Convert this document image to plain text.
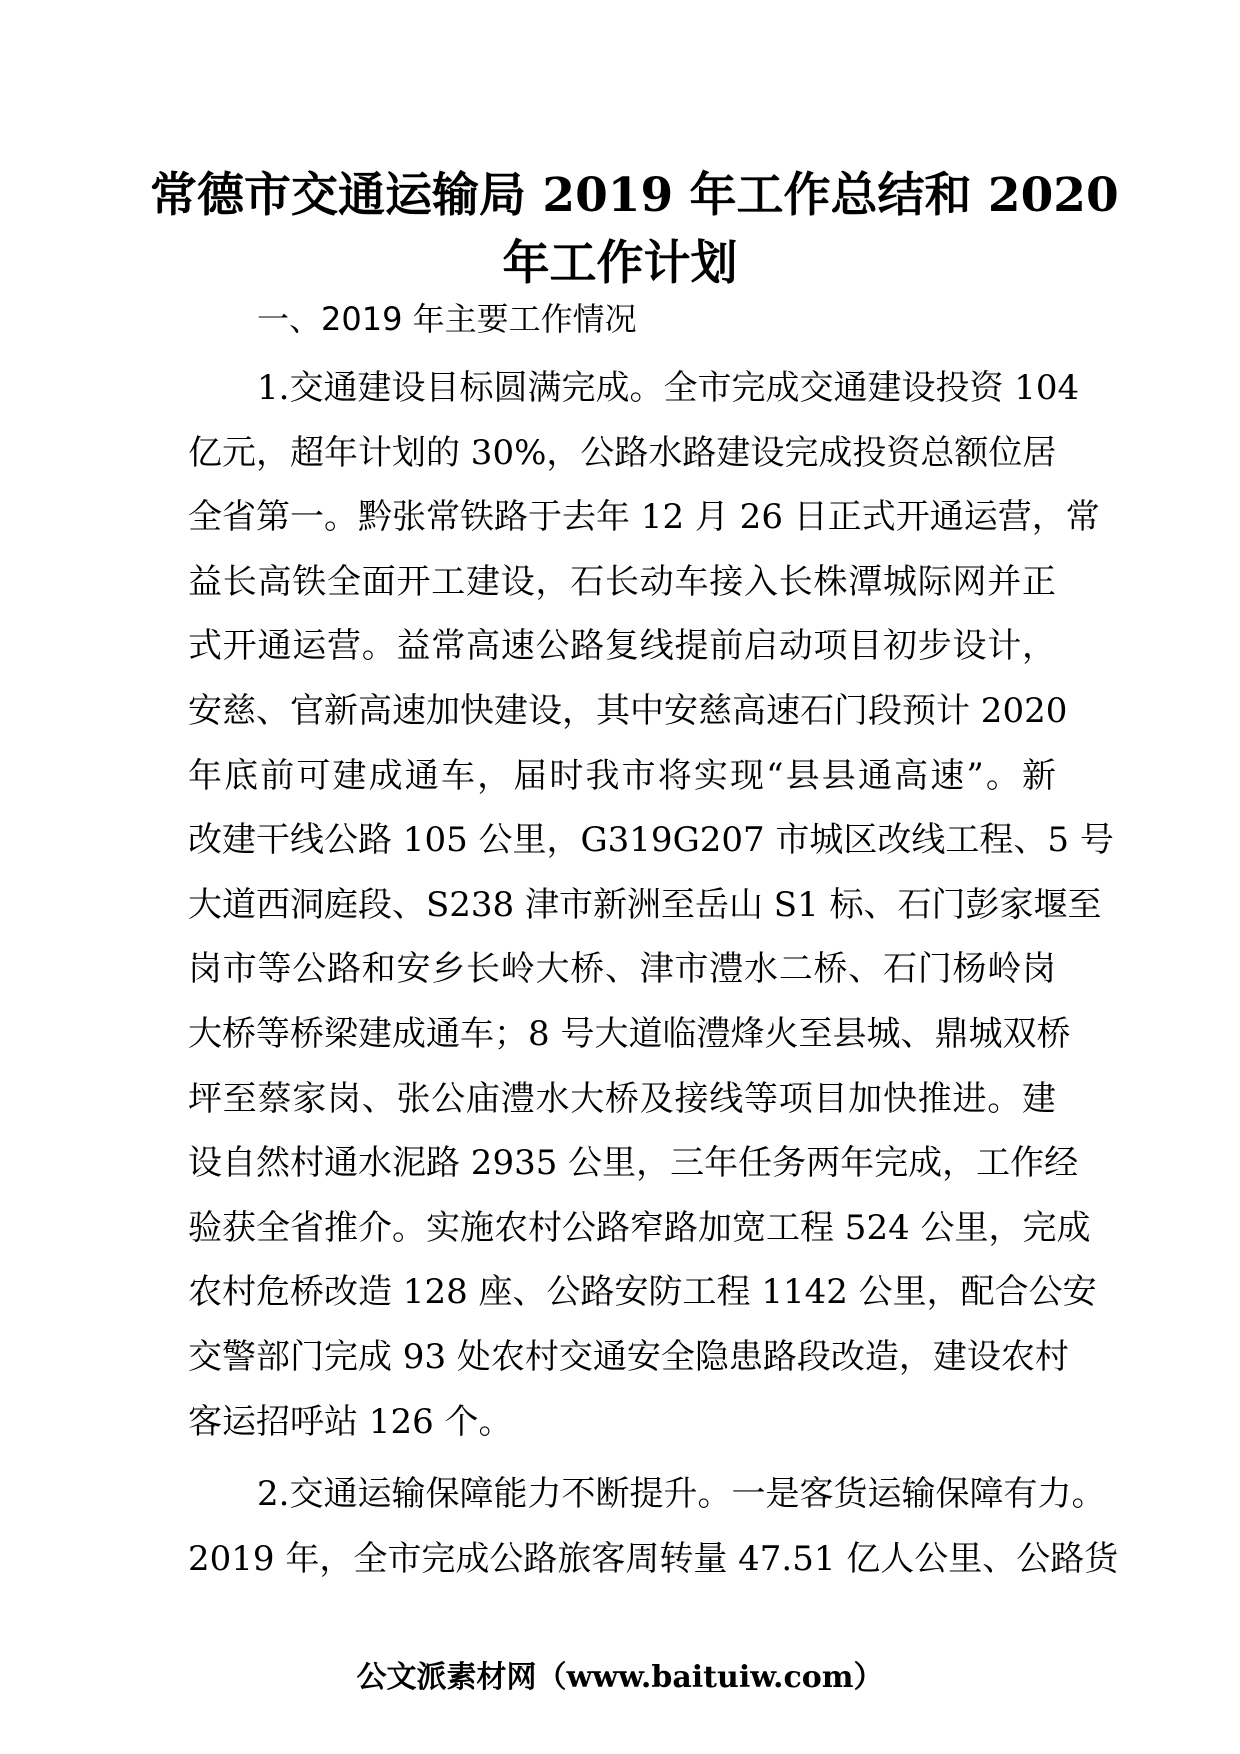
常德市交通运输局 2019 年工作总结和 2020
年工作计划

一、2019 年主要工作情况

1.交通建设目标圆满完成。全市完成交通建设投资 104
亿元，超年计划的 30%，公路水路建设完成投资总额位居
全省第一。黔张常铁路于去年 12 月 26 日正式开通运营，常
益长高铁全面开工建设，石长动车接入长株潭城际网并正
式开通运营。益常高速公路复线提前启动项目初步设计，
安慈、官新高速加快建设，其中安慈高速石门段预计 2020
年底前可建成通车，届时我市将实现“县县通高速”。新
改建干线公路 105 公里，G319G207 市城区改线工程、5 号
大道西洞庭段、S238 津市新洲至岳山 S1 标、石门彭家堰至
岗市等公路和安乡长岭大桥、津市澧水二桥、石门杨岭岗
大桥等桥梁建成通车；8 号大道临澧烽火至县城、鼎城双桥
坪至蔡家岗、张公庙澧水大桥及接线等项目加快推进。建
设自然村通水泥路 2935 公里，三年任务两年完成，工作经
验获全省推介。实施农村公路窄路加宽工程 524 公里，完成
农村危桥改造 128 座、公路安防工程 1142 公里，配合公安
交警部门完成 93 处农村交通安全隐患路段改造，建设农村
客运招呼站 126 个。
2.交通运输保障能力不断提升。一是客货运输保障有力。
2019 年，全市完成公路旅客周转量 47.51 亿人公里、公路货

公文派素材网（www.baituiw.com）
